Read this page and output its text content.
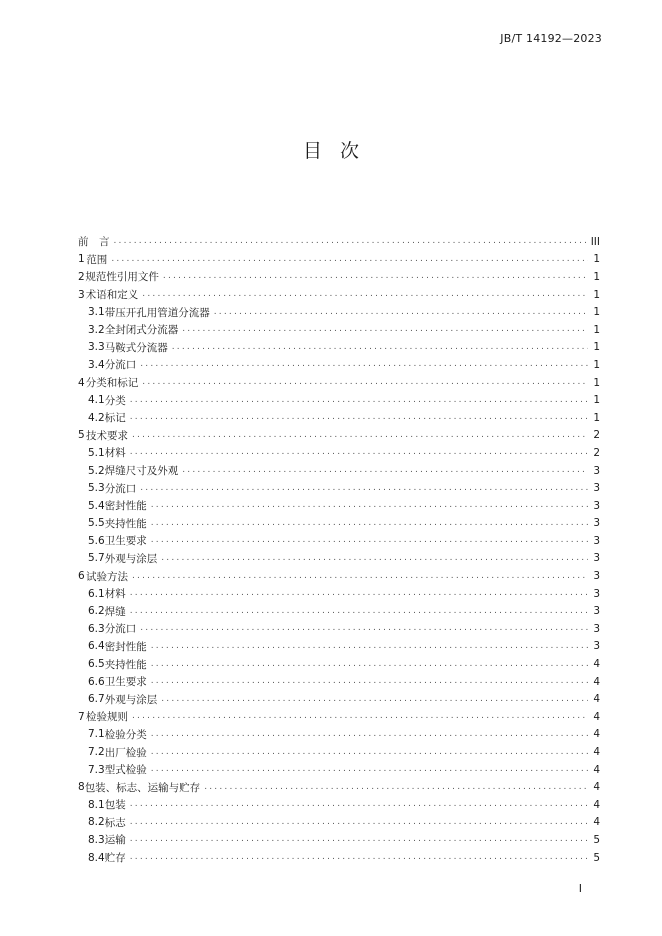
JB/T 14192—2023
目次
前　言 .....	III
1 范围 .....	1
2 规范性引用文件 .....	1
3 术语和定义 .....	1
3.1 带压开孔用管道分流器 .....	1
3.2 全封闭式分流器 .....	1
3.3 马鞍式分流器 .....	1
3.4 分流口 .....	1
4 分类和标记 .....	1
4.1 分类 .....	1
4.2 标记 .....	1
5 技术要求 .....	2
5.1 材料 .....	2
5.2 焊缝尺寸及外观 .....	3
5.3 分流口 .....	3
5.4 密封性能 .....	3
5.5 夹持性能 .....	3
5.6 卫生要求 .....	3
5.7 外观与涂层 .....	3
6 试验方法 .....	3
6.1 材料 .....	3
6.2 焊缝 .....	3
6.3 分流口 .....	3
6.4 密封性能 .....	3
6.5 夹持性能 .....	4
6.6 卫生要求 .....	4
6.7 外观与涂层 .....	4
7 检验规则 .....	4
7.1 检验分类 .....	4
7.2 出厂检验 .....	4
7.3 型式检验 .....	4
8 包装、标志、运输与贮存 .....	4
8.1 包装 .....	4
8.2 标志 .....	4
8.3 运输 .....	5
8.4 贮存 .....	5
I
